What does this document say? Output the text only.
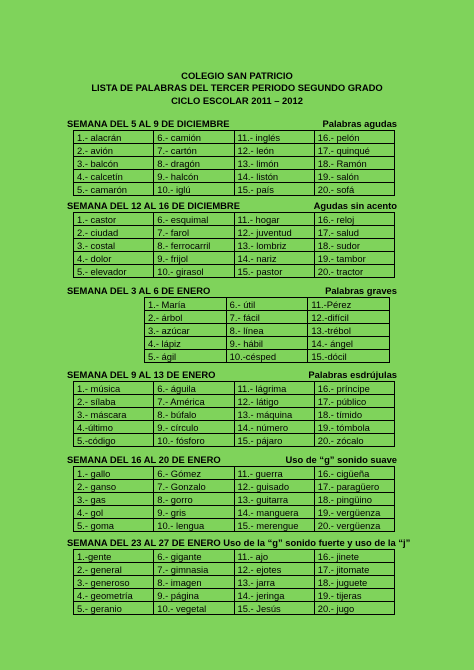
COLEGIO SAN PATRICIO
LISTA DE PALABRAS DEL TERCER PERIODO SEGUNDO GRADO
CICLO ESCOLAR 2011 – 2012
SEMANA DEL 5 AL 9 DE DICIEMBRE	Palabras agudas
1.- alacrán	6.- camión	11.- inglés	16.- pelón
2.- avión	7.- cartón	12.- león	17.- quinqué
3.- balcón	8.- dragón	13.- limón	18.- Ramón
4.- calcetín	9.- halcón	14.- listón	19.- salón
5.- camarón	10.- iglú	15.- país	20.- sofá
SEMANA DEL 12 AL 16 DE DICIEMBRE	Agudas sin acento
1.- castor	6.- esquimal	11.- hogar	16.- reloj
2.- ciudad	7.- farol	12.- juventud	17.- salud
3.- costal	8.- ferrocarril	13.- lombriz	18.- sudor
4.- dolor	9.- frijol	14.- nariz	19.- tambor
5.- elevador	10.- girasol	15.- pastor	20.- tractor
SEMANA DEL 3 AL 6 DE ENERO	Palabras graves
1.- María	6.- útil	11.-Pérez
2.- árbol	7.- fácil	12.-difícil
3.- azúcar	8.- línea	13.-trébol
4.- lápiz	9.- hábil	14.- ángel
5.- ágil	10.-césped	15.-dócil
SEMANA DEL 9 AL 13 DE ENERO	Palabras esdrújulas
1.- música	6.- águila	11.- lágrima	16.- príncipe
2.- sílaba	7.- América	12.- látigo	17.- público
3.- máscara	8.- búfalo	13.- máquina	18.- tímido
4.-último	9.- círculo	14.- número	19.- tómbola
5.-código	10.- fósforo	15.- pájaro	20.- zócalo
SEMANA DEL 16 AL 20 DE ENERO	Uso de “g” sonido suave
1.- gallo	6.- Gómez	11.- guerra	16.- cigüeña
2.- ganso	7.- Gonzalo	12.- guisado	17.- paragüero
3.- gas	8.- gorro	13.- guitarra	18.- pingüino
4.- gol	9.- gris	14.- manguera	19.- vergüenza
5.- goma	10.- lengua	15.- merengue	20.- vergüenza
SEMANA DEL 23 AL 27 DE ENERO Uso de la “g” sonido fuerte y uso de la “j”
1.-gente	6.- gigante	11.- ajo	16.- jinete
2.- general	7.- gimnasia	12.- ejotes	17.- jitomate
3.- generoso	8.- imagen	13.- jarra	18.- juguete
4.- geometría	9.- página	14.- jeringa	19.- tijeras
5.- geranio	10.- vegetal	15.- Jesús	20.- jugo
